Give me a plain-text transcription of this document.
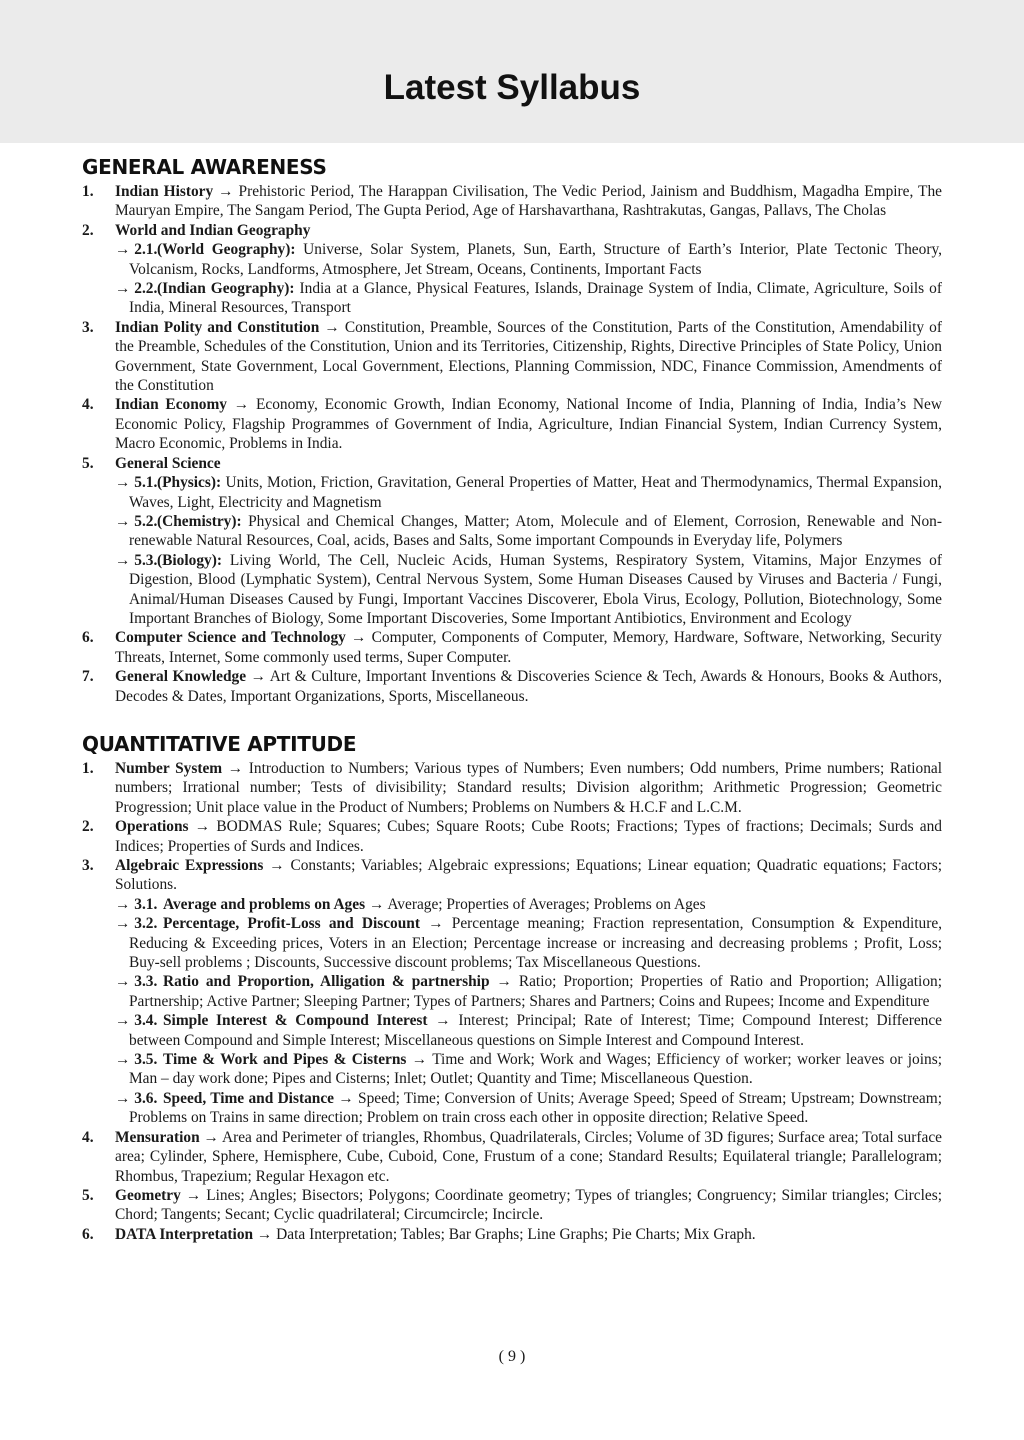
Latest Syllabus
GENERAL AWARENESS
1. Indian History → Prehistoric Period, The Harappan Civilisation, The Vedic Period, Jainism and Buddhism, Magadha Empire, The Mauryan Empire, The Sangam Period, The Gupta Period, Age of Harshavarthana, Rashtrakutas, Gangas, Pallavs, The Cholas
2. World and Indian Geography
→ 2.1. (World Geography): Universe, Solar System, Planets, Sun, Earth, Structure of Earth’s Interior, Plate Tectonic Theory, Volcanism, Rocks, Landforms, Atmosphere, Jet Stream, Oceans, Continents, Important Facts
→ 2.2. (Indian Geography): India at a Glance, Physical Features, Islands, Drainage System of India, Climate, Agriculture, Soils of India, Mineral Resources, Transport
3. Indian Polity and Constitution → Constitution, Preamble, Sources of the Constitution, Parts of the Constitution, Amendability of the Preamble, Schedules of the Constitution, Union and its Territories, Citizenship, Rights, Directive Principles of State Policy, Union Government, State Government, Local Government, Elections, Planning Commission, NDC, Finance Commission, Amendments of the Constitution
4. Indian Economy → Economy, Economic Growth, Indian Economy, National Income of India, Planning of India, India’s New Economic Policy, Flagship Programmes of Government of India, Agriculture, Indian Financial System, Indian Currency System, Macro Economic, Problems in India.
5. General Science
→ 5.1. (Physics): Units, Motion, Friction, Gravitation, General Properties of Matter, Heat and Thermodynamics, Thermal Expansion, Waves, Light, Electricity and Magnetism
→ 5.2. (Chemistry): Physical and Chemical Changes, Matter; Atom, Molecule and of Element, Corrosion, Renewable and Non-renewable Natural Resources, Coal, acids, Bases and Salts, Some important Compounds in Everyday life, Polymers
→ 5.3. (Biology): Living World, The Cell, Nucleic Acids, Human Systems, Respiratory System, Vitamins, Major Enzymes of Digestion, Blood (Lymphatic System), Central Nervous System, Some Human Diseases Caused by Viruses and Bacteria / Fungi, Animal/Human Diseases Caused by Fungi, Important Vaccines Discoverer, Ebola Virus, Ecology, Pollution, Biotechnology, Some Important Branches of Biology, Some Important Discoveries, Some Important Antibiotics, Environment and Ecology
6. Computer Science and Technology → Computer, Components of Computer, Memory, Hardware, Software, Networking, Security Threats, Internet, Some commonly used terms, Super Computer.
7. General Knowledge → Art & Culture, Important Inventions & Discoveries Science & Tech, Awards & Honours, Books & Authors, Decodes & Dates, Important Organizations, Sports, Miscellaneous.
QUANTITATIVE APTITUDE
1. Number System → Introduction to Numbers; Various types of Numbers; Even numbers; Odd numbers, Prime numbers; Rational numbers; Irrational number; Tests of divisibility; Standard results; Division algorithm; Arithmetic Progression; Geometric Progression; Unit place value in the Product of Numbers; Problems on Numbers & H.C.F and L.C.M.
2. Operations → BODMAS Rule; Squares; Cubes; Square Roots; Cube Roots; Fractions; Types of fractions; Decimals; Surds and Indices; Properties of Surds and Indices.
3. Algebraic Expressions → Constants; Variables; Algebraic expressions; Equations; Linear equation; Quadratic equations; Factors; Solutions.
→ 3.1. Average and problems on Ages → Average; Properties of Averages; Problems on Ages
→ 3.2. Percentage, Profit-Loss and Discount → Percentage meaning; Fraction representation, Consumption & Expenditure, Reducing & Exceeding prices, Voters in an Election; Percentage increase or increasing and decreasing problems ; Profit, Loss; Buy-sell problems ; Discounts, Successive discount problems; Tax Miscellaneous Questions.
→ 3.3. Ratio and Proportion, Alligation & partnership → Ratio; Proportion; Properties of Ratio and Proportion; Alligation; Partnership; Active Partner; Sleeping Partner; Types of Partners; Shares and Partners; Coins and Rupees; Income and Expenditure
→ 3.4. Simple Interest & Compound Interest → Interest; Principal; Rate of Interest; Time; Compound Interest; Difference between Compound and Simple Interest; Miscellaneous questions on Simple Interest and Compound Interest.
→ 3.5. Time & Work and Pipes & Cisterns → Time and Work; Work and Wages; Efficiency of worker; worker leaves or joins; Man – day work done; Pipes and Cisterns; Inlet; Outlet; Quantity and Time; Miscellaneous Question.
→ 3.6. Speed, Time and Distance → Speed; Time; Conversion of Units; Average Speed; Speed of Stream; Upstream; Downstream; Problems on Trains in same direction; Problem on train cross each other in opposite direction; Relative Speed.
4. Mensuration → Area and Perimeter of triangles, Rhombus, Quadrilaterals, Circles; Volume of 3D figures; Surface area; Total surface area; Cylinder, Sphere, Hemisphere, Cube, Cuboid, Cone, Frustum of a cone; Standard Results; Equilateral triangle; Parallelogram; Rhombus, Trapezium; Regular Hexagon etc.
5. Geometry → Lines; Angles; Bisectors; Polygons; Coordinate geometry; Types of triangles; Congruency; Similar triangles; Circles; Chord; Tangents; Secant; Cyclic quadrilateral; Circumcircle; Incircle.
6. DATA Interpretation → Data Interpretation; Tables; Bar Graphs; Line Graphs; Pie Charts; Mix Graph.
( 9 )
